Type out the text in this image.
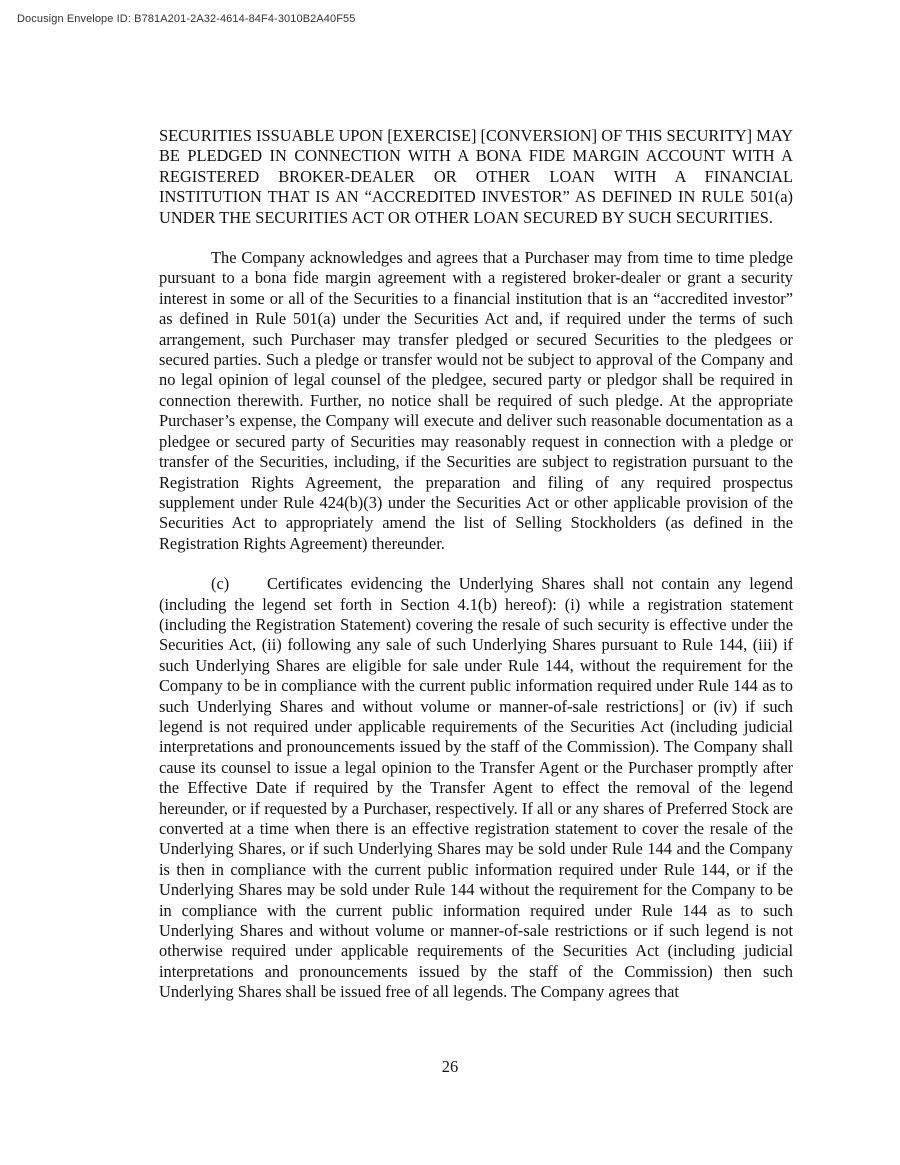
Docusign Envelope ID: B781A201-2A32-4614-84F4-3010B2A40F55

SECURITIES ISSUABLE UPON [EXERCISE] [CONVERSION] OF THIS SECURITY] MAY BE PLEDGED IN CONNECTION WITH A BONA FIDE MARGIN ACCOUNT WITH A REGISTERED BROKER-DEALER OR OTHER LOAN WITH A FINANCIAL INSTITUTION THAT IS AN “ACCREDITED INVESTOR” AS DEFINED IN RULE 501(a) UNDER THE SECURITIES ACT OR OTHER LOAN SECURED BY SUCH SECURITIES.

The Company acknowledges and agrees that a Purchaser may from time to time pledge pursuant to a bona fide margin agreement with a registered broker-dealer or grant a security interest in some or all of the Securities to a financial institution that is an “accredited investor” as defined in Rule 501(a) under the Securities Act and, if required under the terms of such arrangement, such Purchaser may transfer pledged or secured Securities to the pledgees or secured parties. Such a pledge or transfer would not be subject to approval of the Company and no legal opinion of legal counsel of the pledgee, secured party or pledgor shall be required in connection therewith. Further, no notice shall be required of such pledge. At the appropriate Purchaser’s expense, the Company will execute and deliver such reasonable documentation as a pledgee or secured party of Securities may reasonably request in connection with a pledge or transfer of the Securities, including, if the Securities are subject to registration pursuant to the Registration Rights Agreement, the preparation and filing of any required prospectus supplement under Rule 424(b)(3) under the Securities Act or other applicable provision of the Securities Act to appropriately amend the list of Selling Stockholders (as defined in the Registration Rights Agreement) thereunder.

(c) Certificates evidencing the Underlying Shares shall not contain any legend (including the legend set forth in Section 4.1(b) hereof): (i) while a registration statement (including the Registration Statement) covering the resale of such security is effective under the Securities Act, (ii) following any sale of such Underlying Shares pursuant to Rule 144, (iii) if such Underlying Shares are eligible for sale under Rule 144, without the requirement for the Company to be in compliance with the current public information required under Rule 144 as to such Underlying Shares and without volume or manner-of-sale restrictions] or (iv) if such legend is not required under applicable requirements of the Securities Act (including judicial interpretations and pronouncements issued by the staff of the Commission). The Company shall cause its counsel to issue a legal opinion to the Transfer Agent or the Purchaser promptly after the Effective Date if required by the Transfer Agent to effect the removal of the legend hereunder, or if requested by a Purchaser, respectively. If all or any shares of Preferred Stock are converted at a time when there is an effective registration statement to cover the resale of the Underlying Shares, or if such Underlying Shares may be sold under Rule 144 and the Company is then in compliance with the current public information required under Rule 144, or if the Underlying Shares may be sold under Rule 144 without the requirement for the Company to be in compliance with the current public information required under Rule 144 as to such Underlying Shares and without volume or manner-of-sale restrictions or if such legend is not otherwise required under applicable requirements of the Securities Act (including judicial interpretations and pronouncements issued by the staff of the Commission) then such Underlying Shares shall be issued free of all legends. The Company agrees that

26
